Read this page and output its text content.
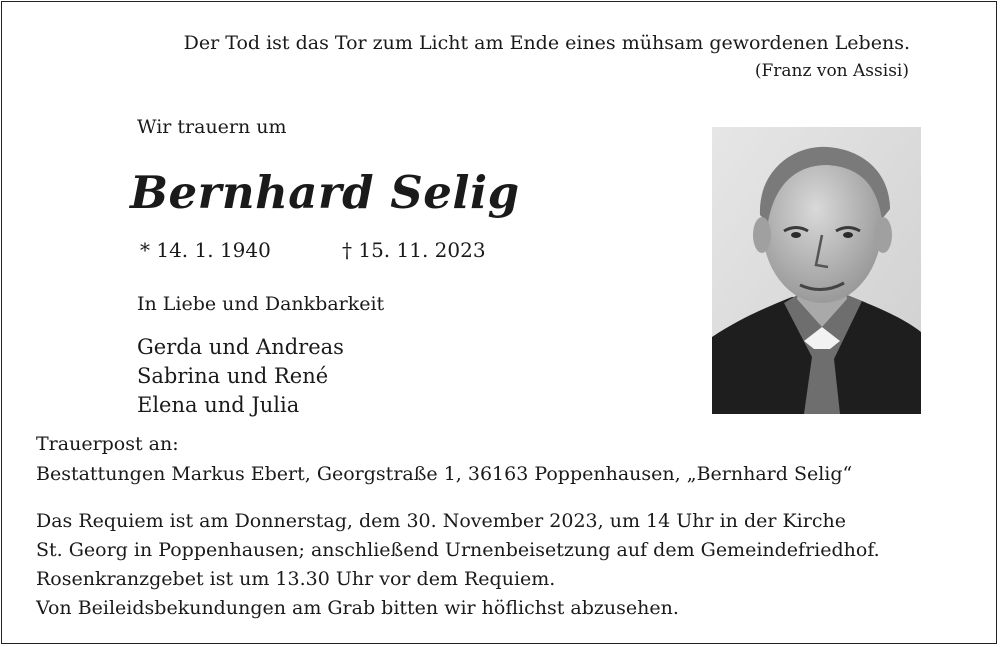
Der Tod ist das Tor zum Licht am Ende eines mühsam gewordenen Lebens.
(Franz von Assisi)
Wir trauern um
Bernhard Selig
* 14. 1. 1940	† 15. 11. 2023
In Liebe und Dankbarkeit
Gerda und Andreas
Sabrina und René
Elena und Julia
Trauerpost an:
Bestattungen Markus Ebert, Georgstraße 1, 36163 Poppenhausen, „Bernhard Selig“
Das Requiem ist am Donnerstag, dem 30. November 2023, um 14 Uhr in der Kirche
St. Georg in Poppenhausen; anschließend Urnenbeisetzung auf dem Gemeindefriedhof.
Rosenkranzgebet ist um 13.30 Uhr vor dem Requiem.
Von Beileidsbekundungen am Grab bitten wir höflichst abzusehen.
